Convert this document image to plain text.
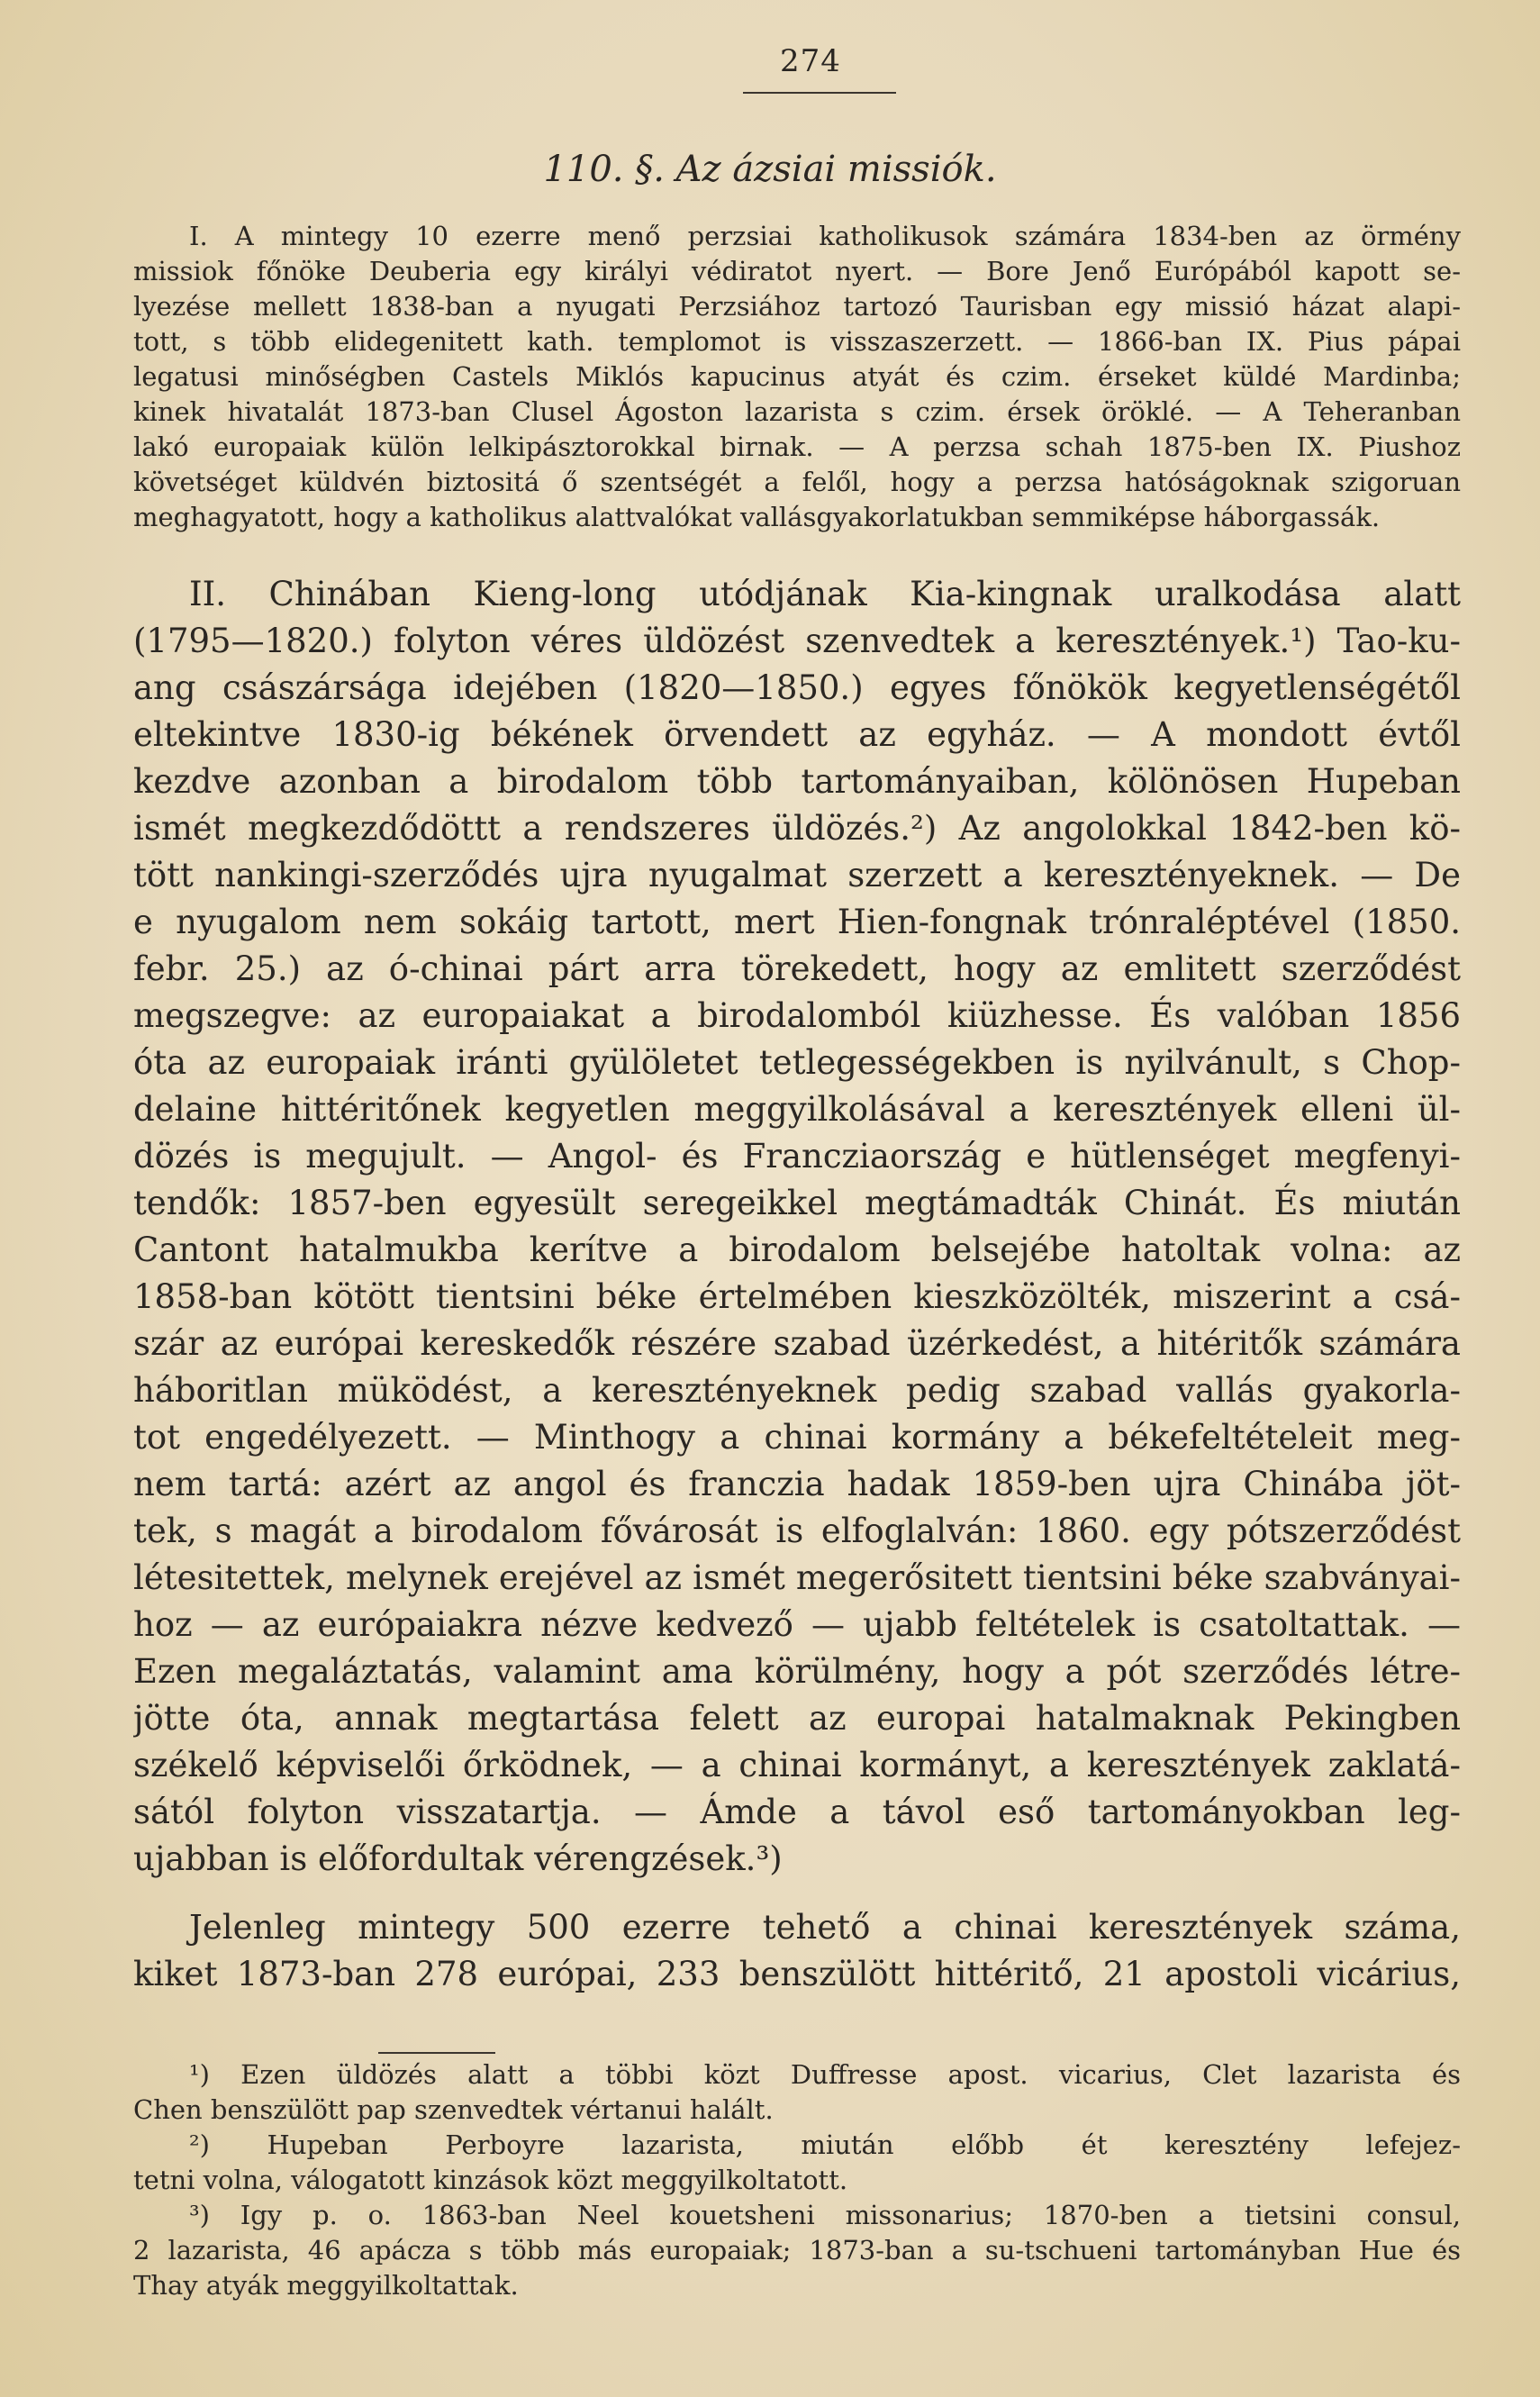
274
110. §. Az ázsiai missiók.
I. A mintegy 10 ezerre menő perzsiai katholikusok számára 1834-ben az örmény
missiok főnöke Deuberia egy királyi védiratot nyert. — Bore Jenő Európából kapott se-
lyezése mellett 1838-ban a nyugati Perzsiához tartozó Taurisban egy missió házat alapi-
tott, s több elidegenitett kath. templomot is visszaszerzett. — 1866-ban IX. Pius pápai
legatusi minőségben Castels Miklós kapucinus atyát és czim. érseket küldé Mardinba;
kinek hivatalát 1873-ban Clusel Ágoston lazarista s czim. érsek öröklé. — A Teheranban
lakó europaiak külön lelkipásztorokkal birnak. — A perzsa schah 1875-ben IX. Piushoz
követséget küldvén biztositá ő szentségét a felől, hogy a perzsa hatóságoknak szigoruan
meghagyatott, hogy a katholikus alattvalókat vallásgyakorlatukban semmiképse háborgassák.
II. Chinában Kieng-long utódjának Kia-kingnak uralkodása alatt
(1795—1820.) folyton véres üldözést szenvedtek a keresztények.¹) Tao-ku-
ang császársága idejében (1820—1850.) egyes főnökök kegyetlenségétől
eltekintve 1830-ig békének örvendett az egyház. — A mondott évtől
kezdve azonban a birodalom több tartományaiban, kölönösen Hupeban
ismét megkezdődöttt a rendszeres üldözés.²) Az angolokkal 1842-ben kö-
tött nankingi-szerződés ujra nyugalmat szerzett a keresztényeknek. — De
e nyugalom nem sokáig tartott, mert Hien-fongnak trónraléptével (1850.
febr. 25.) az ó-chinai párt arra törekedett, hogy az emlitett szerződést
megszegve: az europaiakat a birodalomból kiüzhesse. És valóban 1856
óta az europaiak iránti gyülöletet tetlegességekben is nyilvánult, s Chop-
delaine hittéritőnek kegyetlen meggyilkolásával a keresztények elleni ül-
dözés is megujult. — Angol- és Francziaország e hütlenséget megfenyi-
tendők: 1857-ben egyesült seregeikkel megtámadták Chinát. És miután
Cantont hatalmukba kerítve a birodalom belsejébe hatoltak volna: az
1858-ban kötött tientsini béke értelmében kieszközölték, miszerint a csá-
szár az európai kereskedők részére szabad üzérkedést, a hitéritők számára
háboritlan müködést, a keresztényeknek pedig szabad vallás gyakorla-
tot engedélyezett. — Minthogy a chinai kormány a békefeltételeit meg-
nem tartá: azért az angol és franczia hadak 1859-ben ujra Chinába jöt-
tek, s magát a birodalom fővárosát is elfoglalván: 1860. egy pótszerződést
létesitettek, melynek erejével az ismét megerősitett tientsini béke szabványai-
hoz — az európaiakra nézve kedvező — ujabb feltételek is csatoltattak. —
Ezen megaláztatás, valamint ama körülmény, hogy a pót szerződés létre-
jötte óta, annak megtartása felett az europai hatalmaknak Pekingben
székelő képviselői őrködnek, — a chinai kormányt, a keresztények zaklatá-
sától folyton visszatartja. — Ámde a távol eső tartományokban leg-
ujabban is előfordultak vérengzések.³)
Jelenleg mintegy 500 ezerre tehető a chinai keresztények száma,
kiket 1873-ban 278 európai, 233 benszülött hittéritő, 21 apostoli vicárius,
¹) Ezen üldözés alatt a többi közt Duffresse apost. vicarius, Clet lazarista és
Chen benszülött pap szenvedtek vértanui halált.
²) Hupeban Perboyre lazarista, miután előbb ét keresztény lefejez-
tetni volna, válogatott kinzások közt meggyilkoltatott.
³) Igy p. o. 1863-ban Neel kouetsheni missonarius; 1870-ben a tietsini consul,
2 lazarista, 46 apácza s több más europaiak; 1873-ban a su-tschueni tartományban Hue és
Thay atyák meggyilkoltattak.
